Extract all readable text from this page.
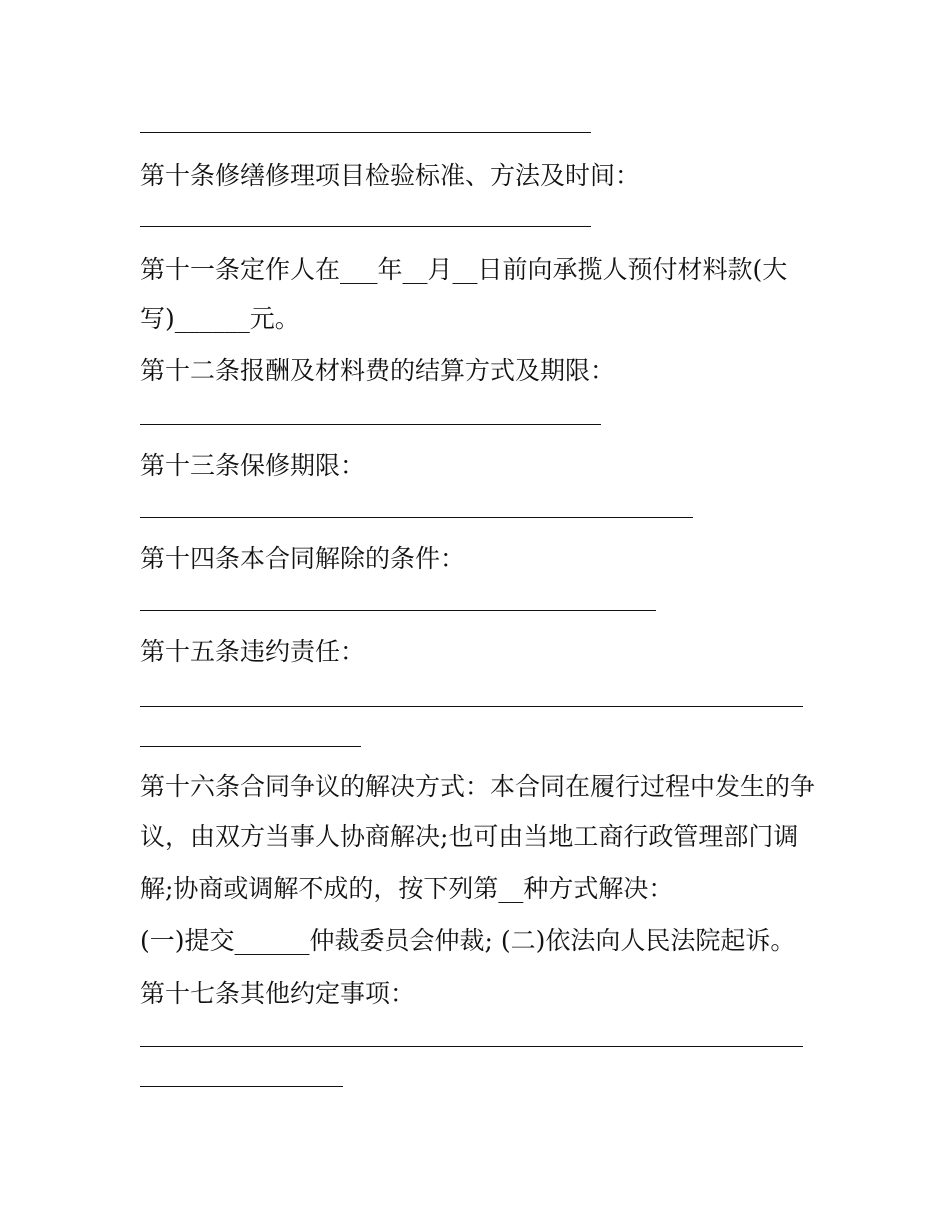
第十条修缮修理项目检验标准、方法及时间：
第十一条定作人在___年__月__日前向承揽人预付材料款(大
写)______元。
第十二条报酬及材料费的结算方式及期限：
第十三条保修期限：
第十四条本合同解除的条件：
第十五条违约责任：
第十六条合同争议的解决方式：本合同在履行过程中发生的争
议，由双方当事人协商解决;也可由当地工商行政管理部门调
解;协商或调解不成的，按下列第__种方式解决：
(一)提交______仲裁委员会仲裁; (二)依法向人民法院起诉。
第十七条其他约定事项：
